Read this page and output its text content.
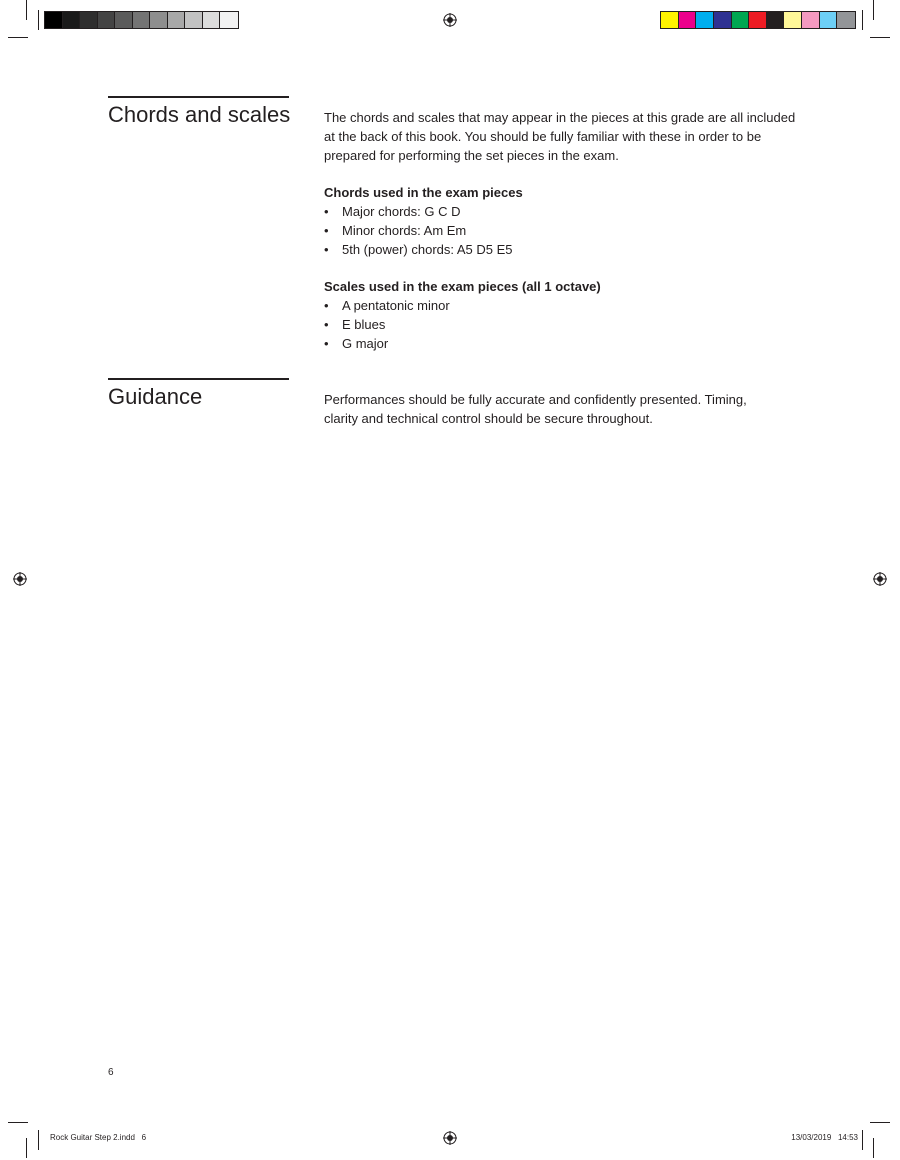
Chords and scales	The chords and scales that may appear in the pieces at this grade are all included at the back of this book. You should be fully familiar with these in order to be prepared for performing the set pieces in the exam.

Chords used in the exam pieces

• Major chords: G C D
• Minor chords: Am Em
• 5th (power) chords: A5 D5 E5

Scales used in the exam pieces (all 1 octave)

• A pentatonic minor
• E blues
• G major
Guidance	Performances should be fully accurate and confidently presented. Timing, clarity and technical control should be secure throughout.

6
Rock Guitar Step 2.indd   6	13/03/2019   14:53
